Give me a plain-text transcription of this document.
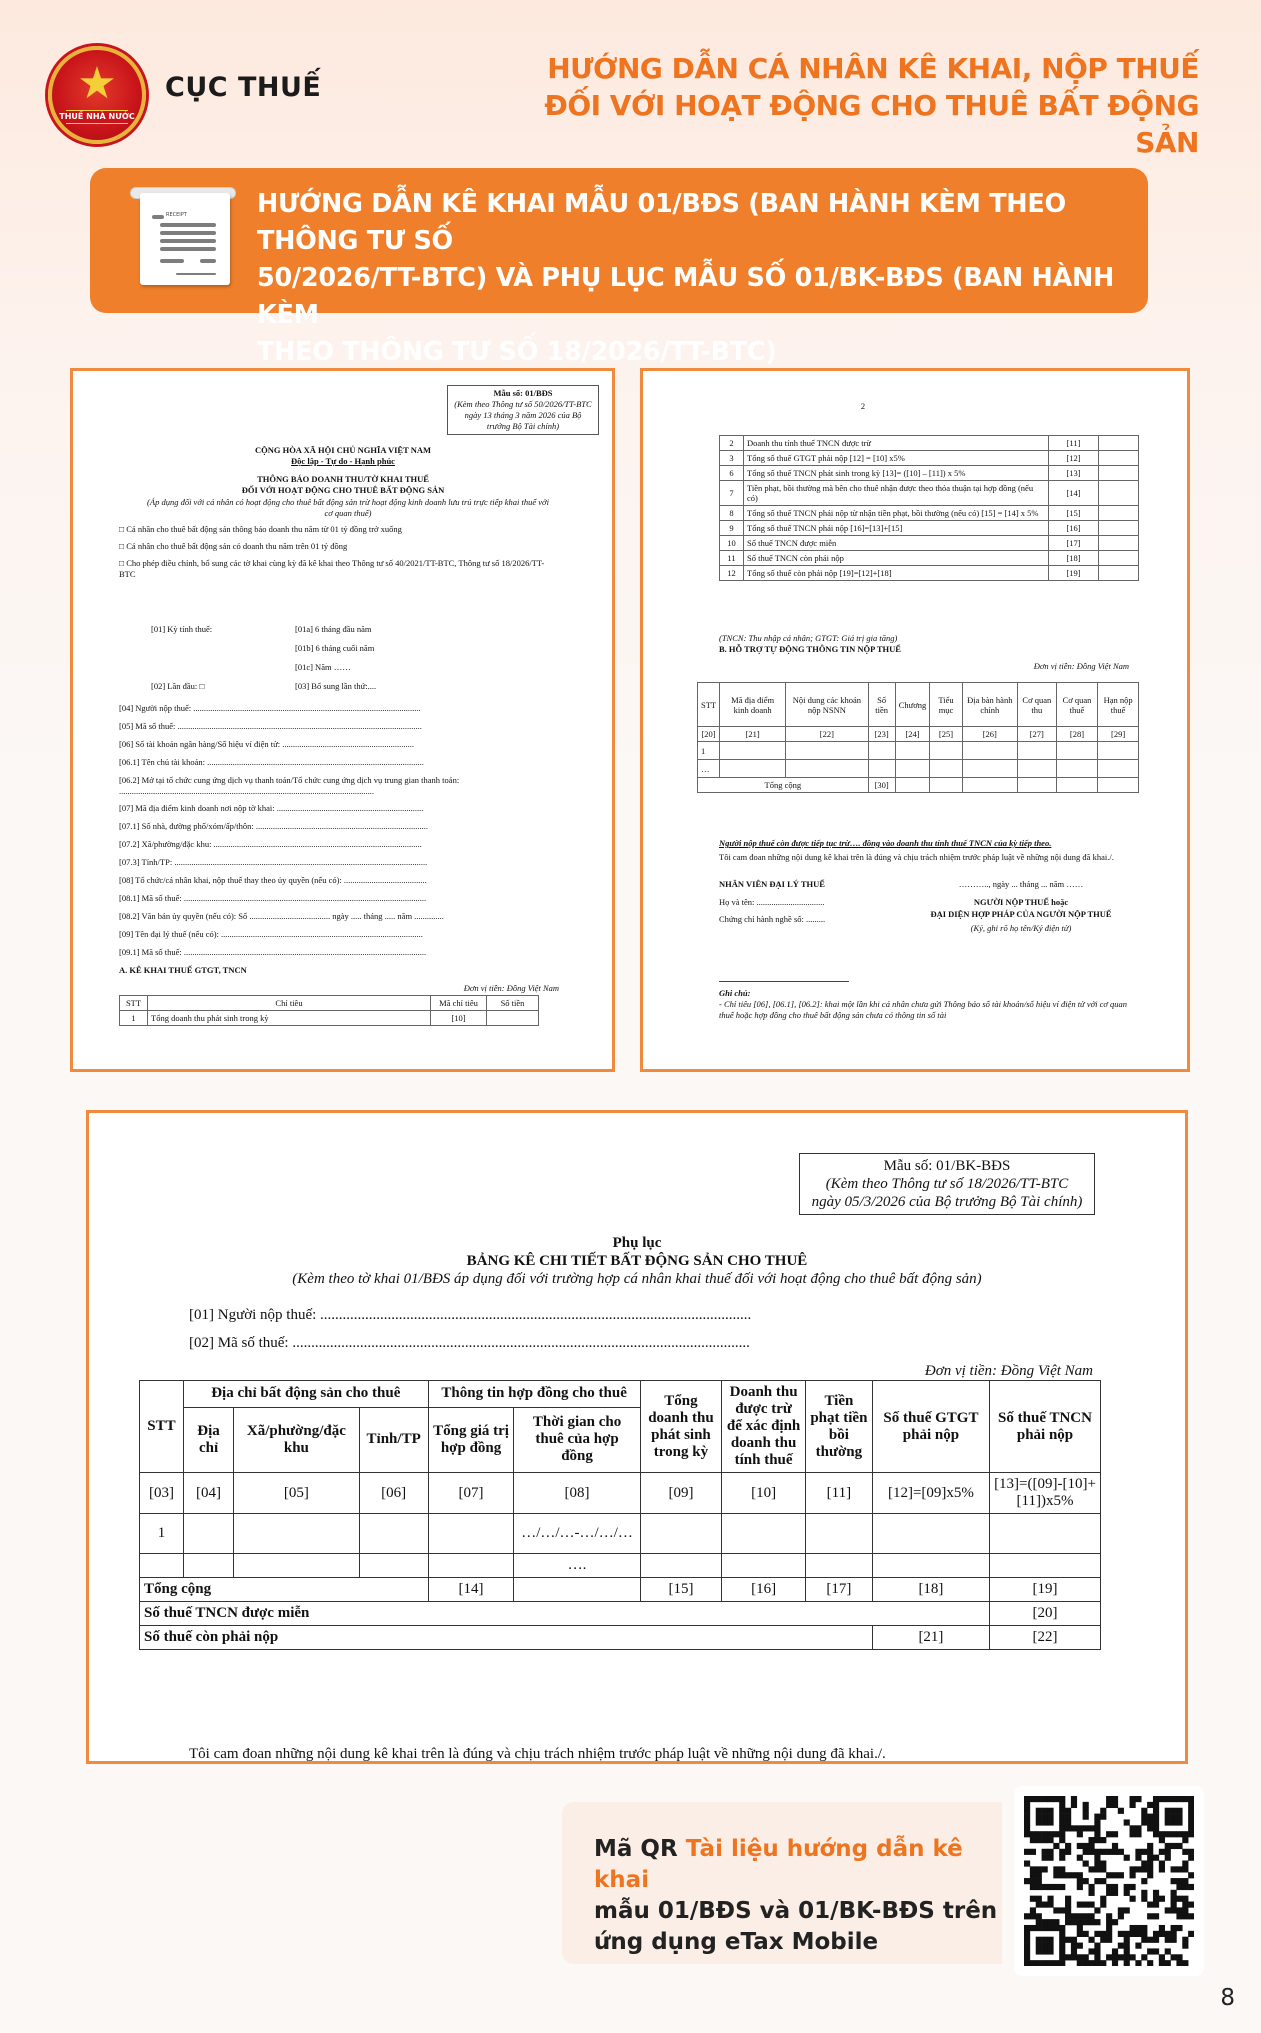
★
THUẾ NHÀ NƯỚC
CỤC THUẾ
HƯỚNG DẪN CÁ NHÂN KÊ KHAI, NỘP THUẾ
ĐỐI VỚI HOẠT ĐỘNG CHO THUÊ BẤT ĐỘNG SẢN
RECEIPT	HƯỚNG DẪN KÊ KHAI MẪU 01/BĐS (BAN HÀNH KÈM THEO THÔNG TƯ SỐ
50/2026/TT-BTC) VÀ PHỤ LỤC MẪU SỐ 01/BK-BĐS (BAN HÀNH KÈM
THEO THÔNG TƯ SỐ 18/2026/TT-BTC)
Mẫu số: 01/BĐS
(Kèm theo Thông tư số 50/2026/TT-BTC ngày 13 tháng 3 năm 2026 của Bộ trưởng Bộ Tài chính)
CỘNG HÒA XÃ HỘI CHỦ NGHĨA VIỆT NAM
Độc lập - Tự do - Hạnh phúc
THÔNG BÁO DOANH THU/TỜ KHAI THUẾ
ĐỐI VỚI HOẠT ĐỘNG CHO THUÊ BẤT ĐỘNG SẢN
(Áp dụng đối với cá nhân có hoạt động cho thuê bất động sản trừ hoạt động kinh doanh lưu trú trực tiếp khai thuế với cơ quan thuế)
□ Cá nhân cho thuê bất động sản thông báo doanh thu năm từ 01 tỷ đồng trở xuống
□ Cá nhân cho thuê bất động sản có doanh thu năm trên 01 tỷ đồng
□ Cho phép điều chỉnh, bổ sung các tờ khai cùng kỳ đã kê khai theo Thông tư số 40/2021/TT-BTC, Thông tư số 18/2026/TT-BTC
[01] Kỳ tính thuế:	[01a] 6 tháng đầu năm
[01b] 6 tháng cuối năm
[01c] Năm ……
[02] Lần đầu: □	[03] Bổ sung lần thứ:....
[04] Người nộp thuế: ...........................................................................................................
[05] Mã số thuế: ...................................................................................................................
[06] Số tài khoản ngân hàng/Số hiệu ví điện tử: ..............................................................
[06.1] Tên chủ tài khoản: ......................................................................................................
[06.2] Mở tại tổ chức cung ứng dịch vụ thanh toán/Tổ chức cung ứng dịch vụ trung gian thanh toán: ........................................................................................................................
[07] Mã địa điểm kinh doanh nơi nộp tờ khai: .....................................................................
[07.1] Số nhà, đường phố/xóm/ấp/thôn: .................................................................................
[07.2] Xã/phường/đặc khu: ..................................................................................................
[07.3] Tỉnh/TP: .......................................................................................................................
[08] Tổ chức/cá nhân khai, nộp thuế thay theo ủy quyền (nếu có): .......................................
[08.1] Mã số thuế: ..................................................................................................................
[08.2] Văn bản ủy quyền (nếu có): Số ...................................... ngày ..... tháng ..... năm ..............
[09] Tên đại lý thuế (nếu có): ...............................................................................................
[09.1] Mã số thuế: ..................................................................................................................
A. KÊ KHAI THUẾ GTGT, TNCN
Đơn vị tiền: Đồng Việt Nam
STT	Chỉ tiêu	Mã chỉ tiêu	Số tiền
1	Tổng doanh thu phát sinh trong kỳ	[10]	
2
2	Doanh thu tính thuế TNCN được trừ	[11]	
3	Tổng số thuế GTGT phải nộp [12] = [10] x5%	[12]	
6	Tổng số thuế TNCN phát sinh trong kỳ [13]= ([10] – [11]) x 5%	[13]	
7	Tiền phạt, bồi thường mà bên cho thuê nhận được theo thỏa thuận tại hợp đồng (nếu có)	[14]	
8	Tổng số thuế TNCN phải nộp từ nhận tiền phạt, bồi thường (nếu có) [15] = [14] x 5%	[15]	
9	Tổng số thuế TNCN phải nộp [16]=[13]+[15]	[16]	
10	Số thuế TNCN được miễn	[17]	
11	Số thuế TNCN còn phải nộp	[18]	
12	Tổng số thuế còn phải nộp [19]=[12]+[18]	[19]	
(TNCN: Thu nhập cá nhân; GTGT: Giá trị gia tăng)
B. HỖ TRỢ TỰ ĐỘNG THÔNG TIN NỘP THUẾ
Đơn vị tiền: Đồng Việt Nam
STT	Mã địa điểm kinh doanh	Nội dung các khoản nộp NSNN	Số tiền	Chương	Tiểu mục	Địa bàn hành chính	Cơ quan thu	Cơ quan thuế	Hạn nộp thuế
[20]	[21]	[22]	[23]	[24]	[25]	[26]	[27]	[28]	[29]
1									
…									
Tổng cộng			[30]						
Người nộp thuế còn được tiếp tục trừ…. đồng vào doanh thu tính thuế TNCN của kỳ tiếp theo.
Tôi cam đoan những nội dung kê khai trên là đúng và chịu trách nhiệm trước pháp luật về những nội dung đã khai./.
NHÂN VIÊN ĐẠI LÝ THUẾ
Họ và tên: ................................
Chứng chỉ hành nghề số: .........
……….., ngày ... tháng ... năm ……
NGƯỜI NỘP THUẾ hoặc
ĐẠI DIỆN HỢP PHÁP CỦA NGƯỜI NỘP THUẾ
(Ký, ghi rõ họ tên/Ký điện tử)
Ghi chú:
- Chỉ tiêu [06], [06.1], [06.2]: khai một lần khi cá nhân chưa gửi Thông báo số tài khoản/số hiệu ví điện tử với cơ quan thuế hoặc hợp đồng cho thuê bất động sản chưa có thông tin số tài
Mẫu số: 01/BK-BĐS
(Kèm theo Thông tư số 18/2026/TT-BTC
ngày 05/3/2026 của Bộ trưởng Bộ Tài chính)
Phụ lục
BẢNG KÊ CHI TIẾT BẤT ĐỘNG SẢN CHO THUÊ
(Kèm theo tờ khai 01/BĐS áp dụng đối với trường hợp cá nhân khai thuế đối với hoạt động cho thuê bất động sản)
[01] Người nộp thuế: ...................................................................................................................
[02] Mã số thuế: ..........................................................................................................................
Đơn vị tiền: Đồng Việt Nam
STT	Địa chỉ bất động sản cho thuê			Thông tin hợp đồng cho thuê		Tổng doanh thu phát sinh trong kỳ	Doanh thu được trừ để xác định doanh thu tính thuế	Tiền phạt tiền bồi thường	Số thuế GTGT phải nộp	Số thuế TNCN phải nộp
	Địa chỉ	Xã/phường/đặc khu	Tỉnh/TP	Tổng giá trị hợp đồng	Thời gian cho thuê của hợp đồng					
[03]	[04]	[05]	[06]	[07]	[08]	[09]	[10]	[11]	[12]=[09]x5%	[13]=([09]-[10]+[11])x5%
1					…/…/…-…/…/…					
					….					
Tổng cộng				[14]		[15]	[16]	[17]	[18]	[19]
Số thuế TNCN được miễn										[20]
Số thuế còn phải nộp									[21]	[22]
Tôi cam đoan những nội dung kê khai trên là đúng và chịu trách nhiệm trước pháp luật về những nội dung đã khai./.
Mã QR Tài liệu hướng dẫn kê khai
mẫu 01/BĐS và 01/BK-BĐS trên
ứng dụng eTax Mobile
8
